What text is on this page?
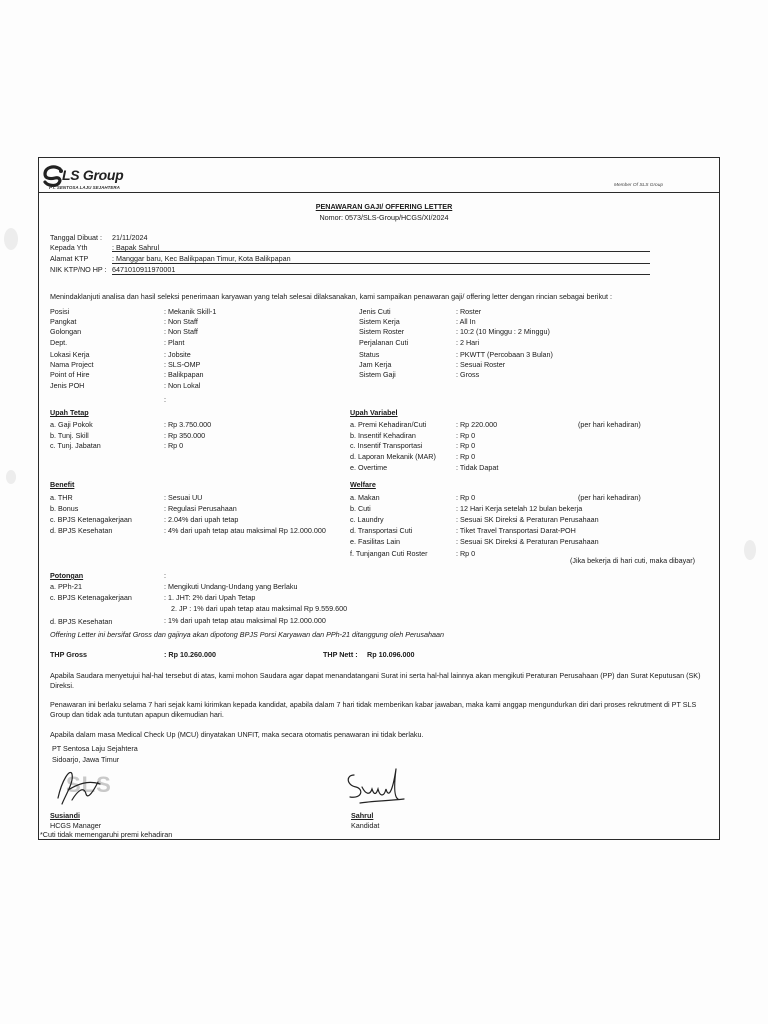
LS Group
PT. SENTOSA LAJU SEJAHTERA	Member Of SLS Group
PENAWARAN GAJI/ OFFERING LETTER
Nomor: 0573/SLS-Group/HCGS/XI/2024
Tanggal Dibuat : 21/11/2024
Kepada Yth	: Bapak Sahrul
Alamat KTP	: Manggar baru, Kec Balikpapan Timur, Kota Balikpapan
NIK KTP/NO HP : 6471010911970001
Menindaklanjuti analisa dan hasil seleksi penerimaan karyawan yang telah selesai dilaksanakan, kami sampaikan penawaran gaji/ offering letter dengan rincian sebagai berikut :
Posisi	: Mekanik Skill-1
Pangkat	: Non Staff
Golongan	: Non Staff
Dept.	: Plant
Lokasi Kerja	: Jobsite
Nama Project	: SLS-OMP
Point of Hire	: Balikpapan
Jenis POH	: Non Lokal
Jenis Cuti	: Roster
Sistem Kerja	: All In
Sistem Roster	: 10:2 (10 Minggu : 2 Minggu)
Perjalanan Cuti	: 2 Hari
Status	: PKWTT (Percobaan 3 Bulan)
Jam Kerja	: Sesuai Roster
Sistem Gaji	: Gross
:
Upah Tetap
a. Gaji Pokok	: Rp 3.750.000
b. Tunj. Skill	: Rp 350.000
c. Tunj. Jabatan	: Rp 0
Upah Variabel
a. Premi Kehadiran/Cuti	: Rp 220.000	(per hari kehadiran)
b. Insentif Kehadiran	: Rp 0
c. Insentif Transportasi	: Rp 0
d. Laporan Mekanik (MAR)	: Rp 0
e. Overtime	: Tidak Dapat
Benefit
a. THR	: Sesuai UU
b. Bonus	: Regulasi Perusahaan
c. BPJS Ketenagakerjaan	: 2.04% dari upah tetap
d. BPJS Kesehatan	: 4% dari upah tetap atau maksimal Rp 12.000.000
Welfare
a. Makan	: Rp 0	(per hari kehadiran)
b. Cuti	: 12 Hari Kerja setelah 12 bulan bekerja
c. Laundry	: Sesuai SK Direksi & Peraturan Perusahaan
d. Transportasi Cuti	: Tiket Travel Transportasi Darat-POH
e. Fasilitas Lain	: Sesuai SK Direksi & Peraturan Perusahaan
f. Tunjangan Cuti Roster	: Rp 0
(Jika bekerja di hari cuti, maka dibayar)
Potongan	:
a. PPh-21	: Mengikuti Undang-Undang yang Berlaku
c. BPJS Ketenagakerjaan	: 1. JHT: 2% dari Upah Tetap
2. JP : 1% dari upah tetap atau maksimal Rp 9.559.600
d. BPJS Kesehatan	: 1% dari upah tetap atau maksimal Rp 12.000.000
Offering Letter ini bersifat Gross dan gajinya akan dipotong BPJS Porsi Karyawan dan PPh-21 ditanggung oleh Perusahaan
THP Gross	: Rp 10.260.000	THP Nett : Rp 10.096.000
Apabila Saudara menyetujui hal-hal tersebut di atas, kami mohon Saudara agar dapat menandatangani Surat ini serta hal-hal lainnya akan mengikuti Peraturan Perusahaan (PP) dan Surat Keputusan (SK) Direksi.
Penawaran ini berlaku selama 7 hari sejak kami kirimkan kepada kandidat, apabila dalam 7 hari tidak memberikan kabar jawaban, maka kami anggap mengundurkan diri dari proses rekrutment di PT SLS Group dan tidak ada tuntutan apapun dikemudian hari.
Apabila dalam masa Medical Check Up (MCU) dinyatakan UNFIT, maka secara otomatis penawaran ini tidak berlaku.
PT Sentosa Laju Sejahtera
Sidoarjo, Jawa Timur
SLS
Susiandi
HCGS Manager
Sahrul
Kandidat
*Cuti tidak memengaruhi premi kehadiran
